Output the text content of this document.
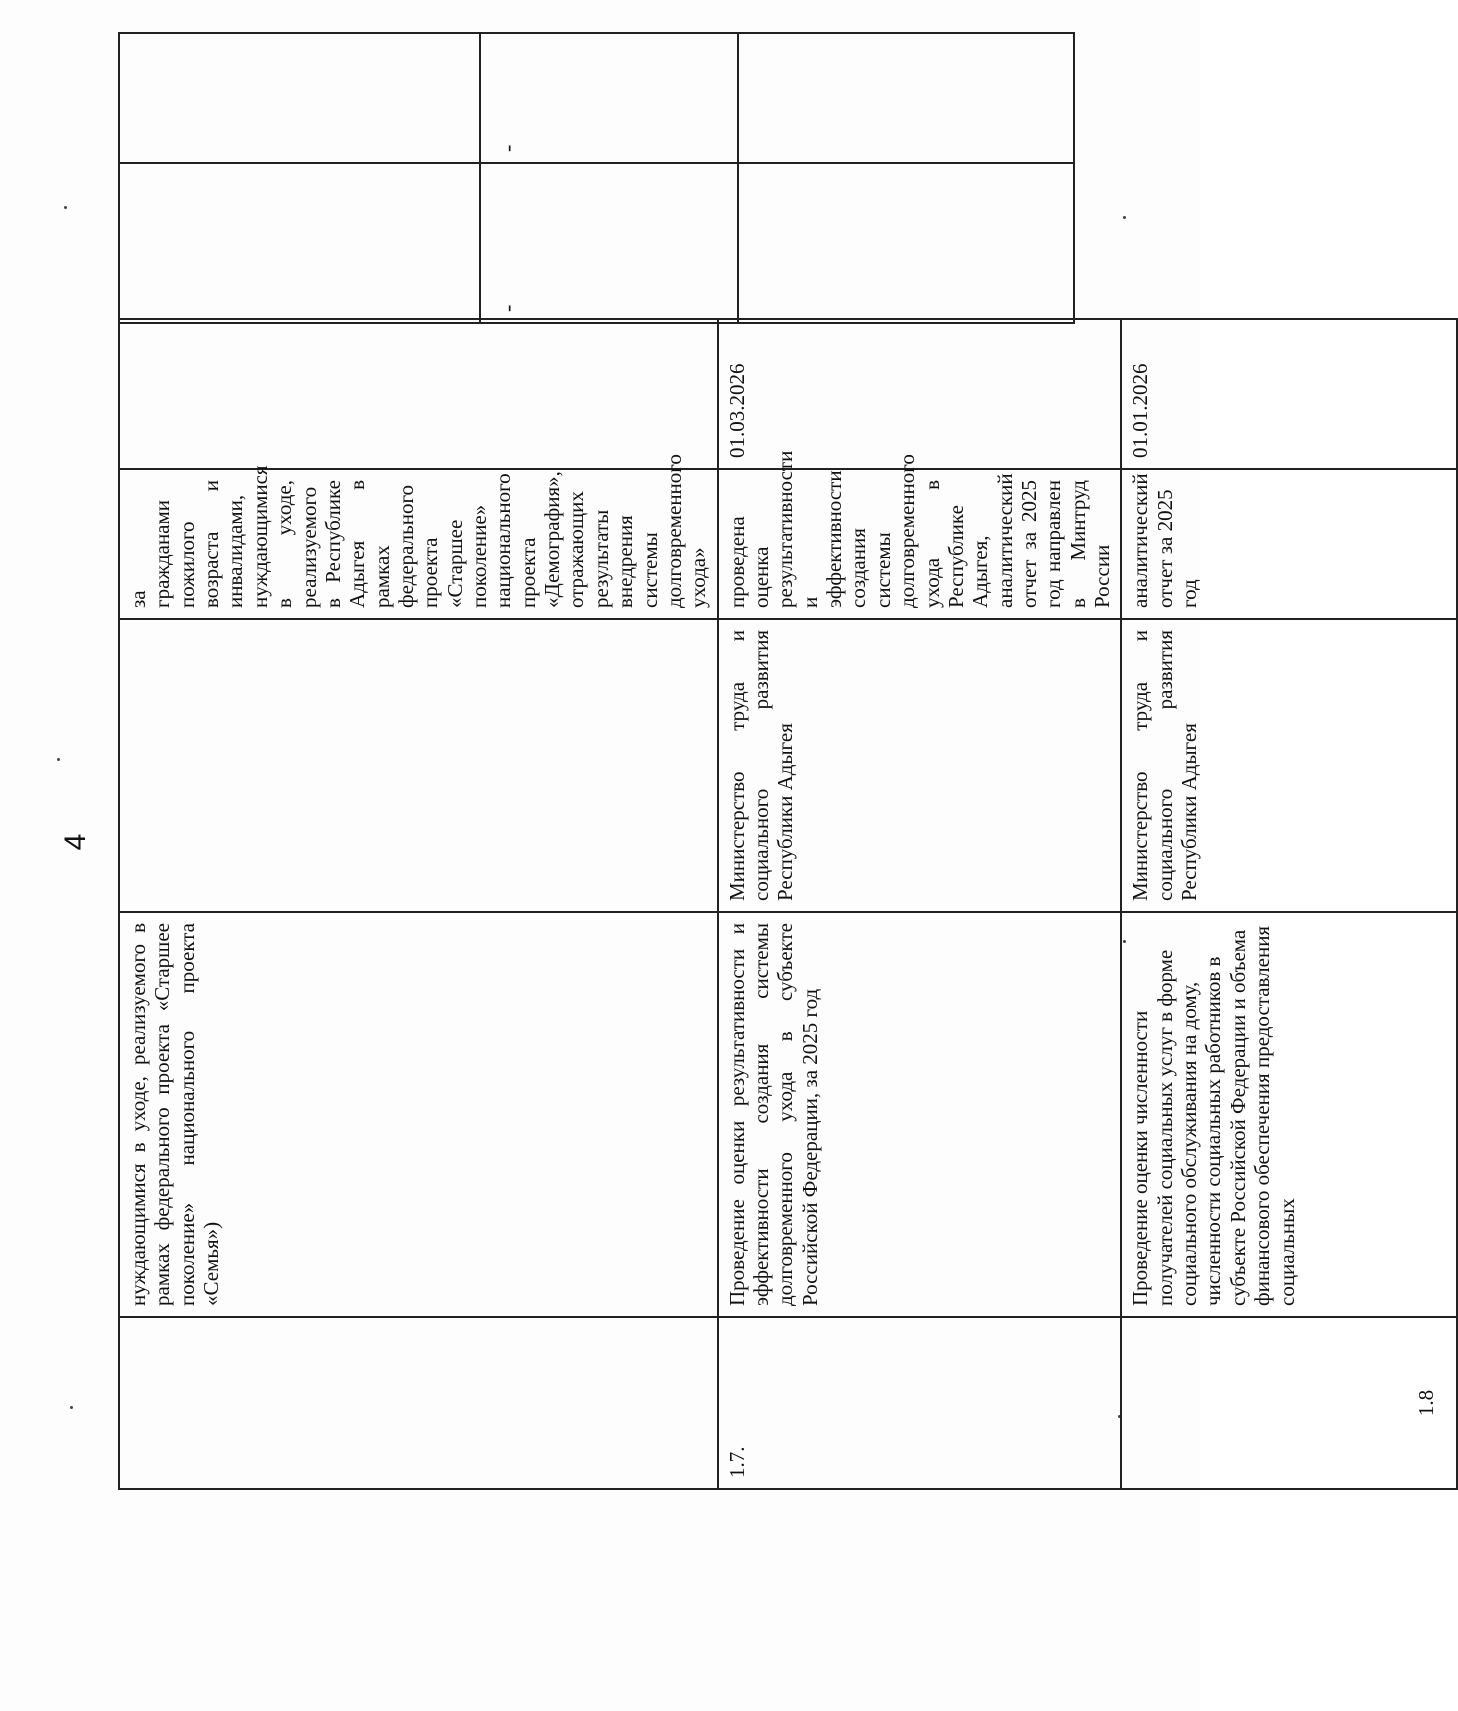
4
	нуждающимися в уходе, реализуемого в рамках федерального проекта «Старшее поколение» национального проекта «Семья»)		за гражданами пожилого возраста и инвалидами, нуждающимися в уходе, реализуемого в Республике Адыгея в рамках федерального проекта «Старшее поколение» национального проекта «Демография», отражающих результаты внедрения системы долговременного ухода»		
1.7.	Проведение оценки результативности и эффективности создания системы долговременного ухода в субъекте Российской Федерации, за 2025 год	Министерство труда и социального развития Республики Адыгея	проведена оценка результативности и эффективности создания системы долговременного ухода в Республике Адыгея, аналитический отчет за 2025 год направлен в Минтруд России	01.03.2026	
1.8	Проведение оценки численности получателей социальных услуг в форме социального обслуживания на дому, численности социальных работников в субъекте Российской Федерации и объема финансового обеспечения предоставления социальных	Министерство труда и социального развития Республики Адыгея	аналитический отчет за 2025 год	01.01.2026	
-
-
